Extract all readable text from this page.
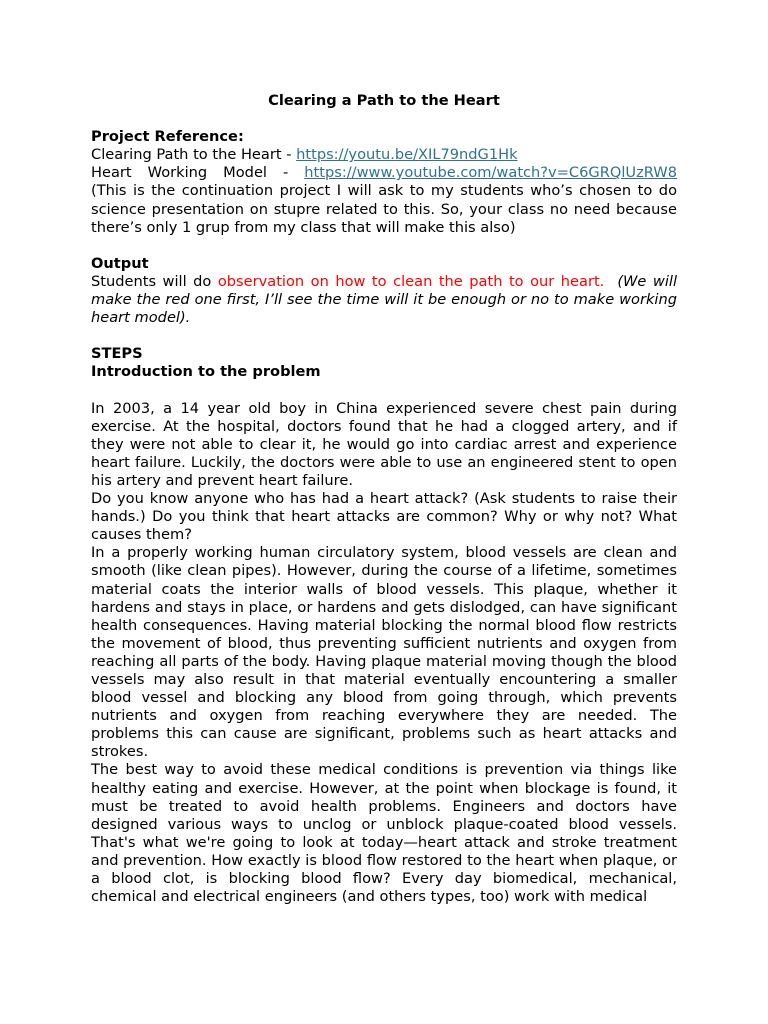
Clearing a Path to the Heart

Project Reference:

Clearing Path to the Heart - https://youtu.be/XIL79ndG1Hk

Heart Working Model - https://www.youtube.com/watch?v=C6GRQlUzRW8

(This is the continuation project I will ask to my students who’s chosen to do science presentation on stupre related to this. So, your class no need because there’s only 1 grup from my class that will make this also)

Output

Students will do observation on how to clean the path to our heart. (We will make the red one first, I’ll see the time will it be enough or no to make working heart model).

STEPS

Introduction to the problem

In 2003, a 14 year old boy in China experienced severe chest pain during exercise. At the hospital, doctors found that he had a clogged artery, and if they were not able to clear it, he would go into cardiac arrest and experience heart failure. Luckily, the doctors were able to use an engineered stent to open his artery and prevent heart failure.

Do you know anyone who has had a heart attack? (Ask students to raise their hands.) Do you think that heart attacks are common? Why or why not? What causes them?

In a properly working human circulatory system, blood vessels are clean and smooth (like clean pipes). However, during the course of a lifetime, sometimes material coats the interior walls of blood vessels. This plaque, whether it hardens and stays in place, or hardens and gets dislodged, can have significant health consequences. Having material blocking the normal blood flow restricts the movement of blood, thus preventing sufficient nutrients and oxygen from reaching all parts of the body. Having plaque material moving though the blood vessels may also result in that material eventually encountering a smaller blood vessel and blocking any blood from going through, which prevents nutrients and oxygen from reaching everywhere they are needed. The problems this can cause are significant, problems such as heart attacks and strokes.

The best way to avoid these medical conditions is prevention via things like healthy eating and exercise. However, at the point when blockage is found, it must be treated to avoid health problems. Engineers and doctors have designed various ways to unclog or unblock plaque-coated blood vessels. That's what we're going to look at today—heart attack and stroke treatment and prevention. How exactly is blood flow restored to the heart when plaque, or a blood clot, is blocking blood flow? Every day biomedical, mechanical, chemical and electrical engineers (and others types, too) work with medical
